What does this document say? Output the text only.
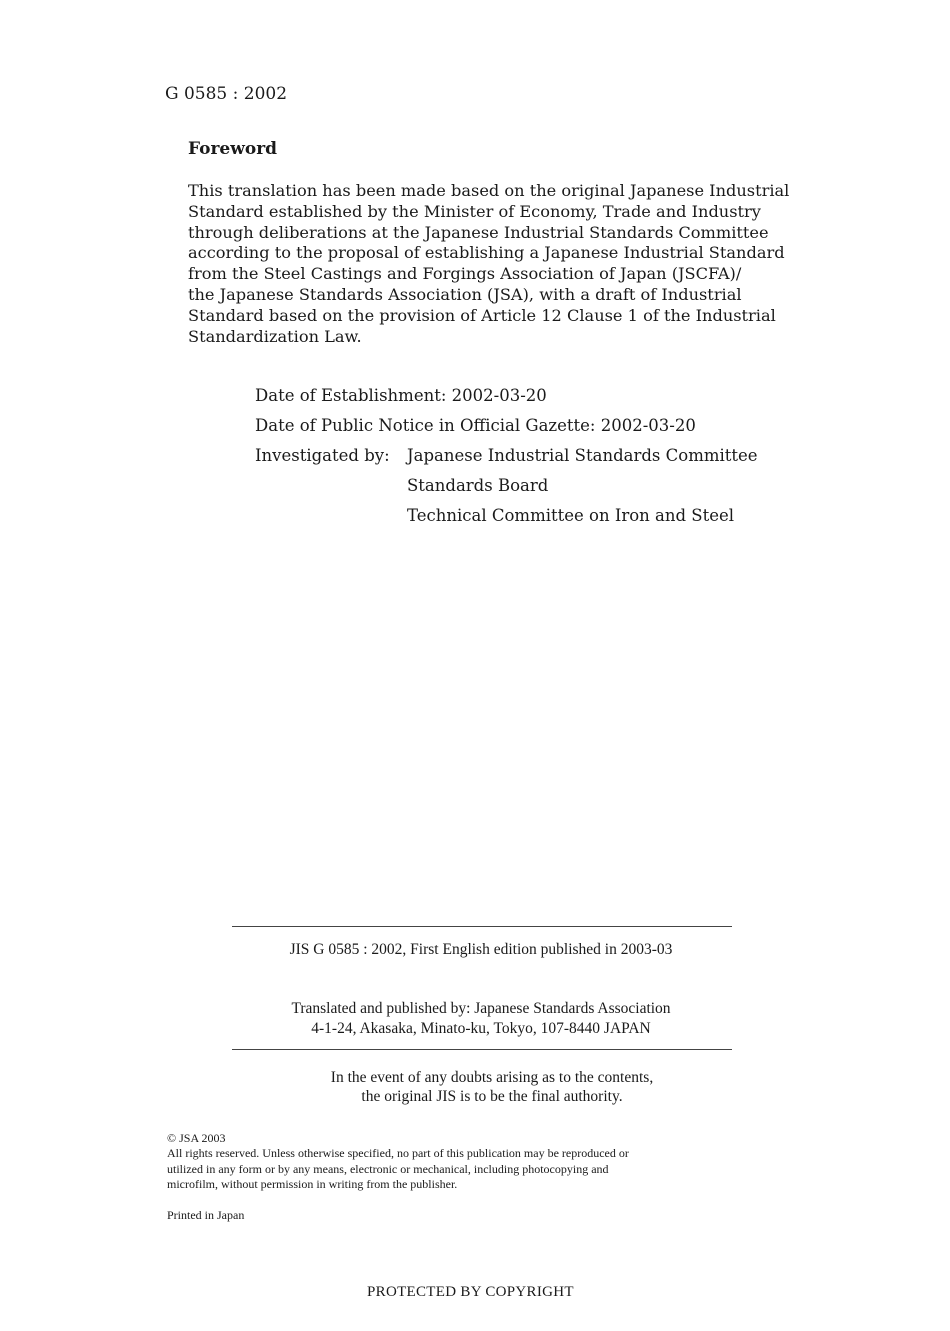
G 0585 : 2002
Foreword
This translation has been made based on the original Japanese Industrial
Standard established by the Minister of Economy, Trade and Industry
through deliberations at the Japanese Industrial Standards Committee
according to the proposal of establishing a Japanese Industrial Standard
from the Steel Castings and Forgings Association of Japan (JSCFA)/
the Japanese Standards Association (JSA), with a draft of Industrial
Standard based on the provision of Article 12 Clause 1 of the Industrial
Standardization Law.
Date of Establishment: 2002-03-20
Date of Public Notice in Official Gazette: 2002-03-20
Investigated by: Japanese Industrial Standards Committee
Standards Board
Technical Committee on Iron and Steel
JIS G 0585 : 2002, First English edition published in 2003-03
Translated and published by: Japanese Standards Association
4-1-24, Akasaka, Minato-ku, Tokyo, 107-8440 JAPAN
In the event of any doubts arising as to the contents,
the original JIS is to be the final authority.
© JSA 2003
All rights reserved. Unless otherwise specified, no part of this publication may be reproduced or
utilized in any form or by any means, electronic or mechanical, including photocopying and
microfilm, without permission in writing from the publisher.
Printed in Japan
PROTECTED BY COPYRIGHT
